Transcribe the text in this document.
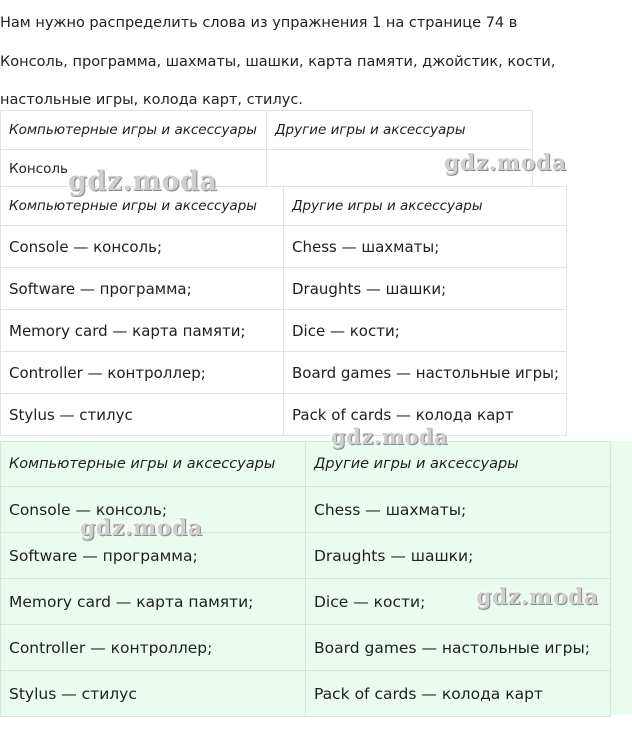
Нам нужно распределить слова из упражнения 1 на странице 74 в

Консоль, программа, шахматы, шашки, карта памяти, джойстик, кости,

настольные игры, колода карт, стилус.

Компьютерные игры и аксессуары	Другие игры и аксессуары
Консоль	
Компьютерные игры и аксессуары	Другие игры и аксессуары
Console — консоль;	Chess — шахматы;
Software — программа;	Draughts — шашки;
Memory card — карта памяти;	Dice — кости;
Controller — контроллер;	Board games — настольные игры;
Stylus — стилус	Pack of cards — колода карт
Компьютерные игры и аксессуары	Другие игры и аксессуары
Console — консоль;	Chess — шахматы;
Software — программа;	Draughts — шашки;
Memory card — карта памяти;	Dice — кости;
Controller — контроллер;	Board games — настольные игры;
Stylus — стилус	Pack of cards — колода карт
gdz.moda
gdz.moda
gdz.moda
gdz.moda
gdz.moda
